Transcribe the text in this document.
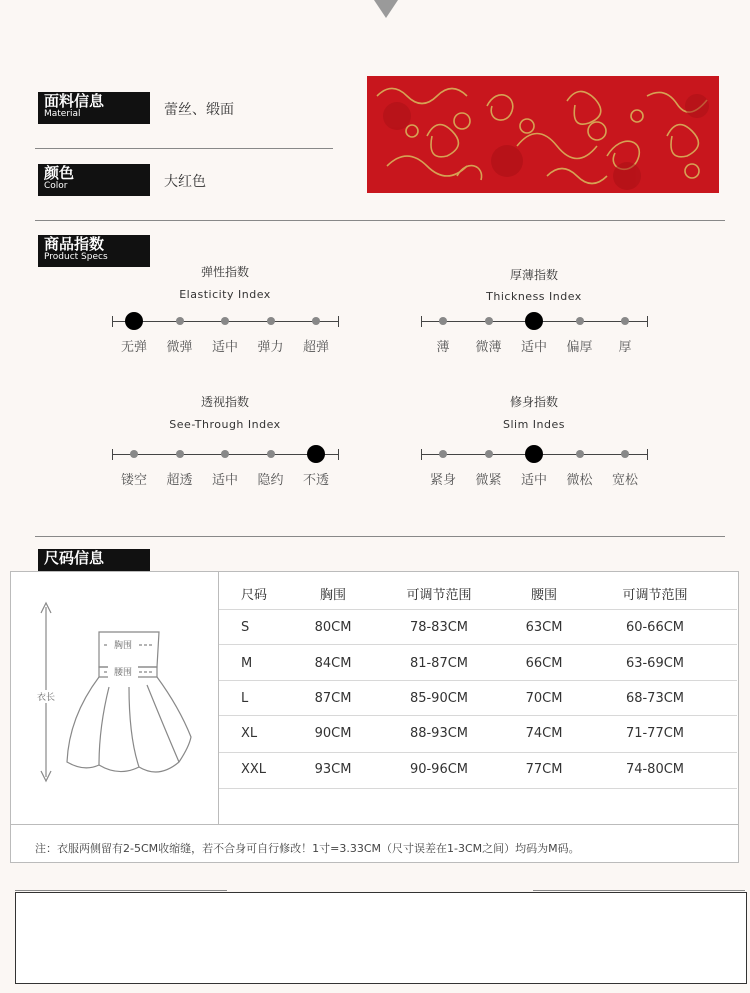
面料信息
Material	蕾丝、缎面
颜色
Color	大红色
商品指数
Product Specs
弹性指数
Elasticity Index
无弹	微弹	适中	弹力	超弹
厚薄指数
Thickness Index
薄	微薄	适中	偏厚	厚
透视指数
See-Through Index
镂空	超透	适中	隐约	不透
修身指数
Slim Indes
紧身	微紧	适中	微松	宽松
尺码信息
胸围
腰围
衣长
尺码	胸围	可调节范围	腰围	可调节范围
S	80CM	78-83CM	63CM	60-66CM
M	84CM	81-87CM	66CM	63-69CM
L	87CM	85-90CM	70CM	68-73CM
XL	90CM	88-93CM	74CM	71-77CM
XXL	93CM	90-96CM	77CM	74-80CM
注：衣服两侧留有2-5CM收缩缝，若不合身可自行修改！1寸=3.33CM（尺寸误差在1-3CM之间）均码为M码。
